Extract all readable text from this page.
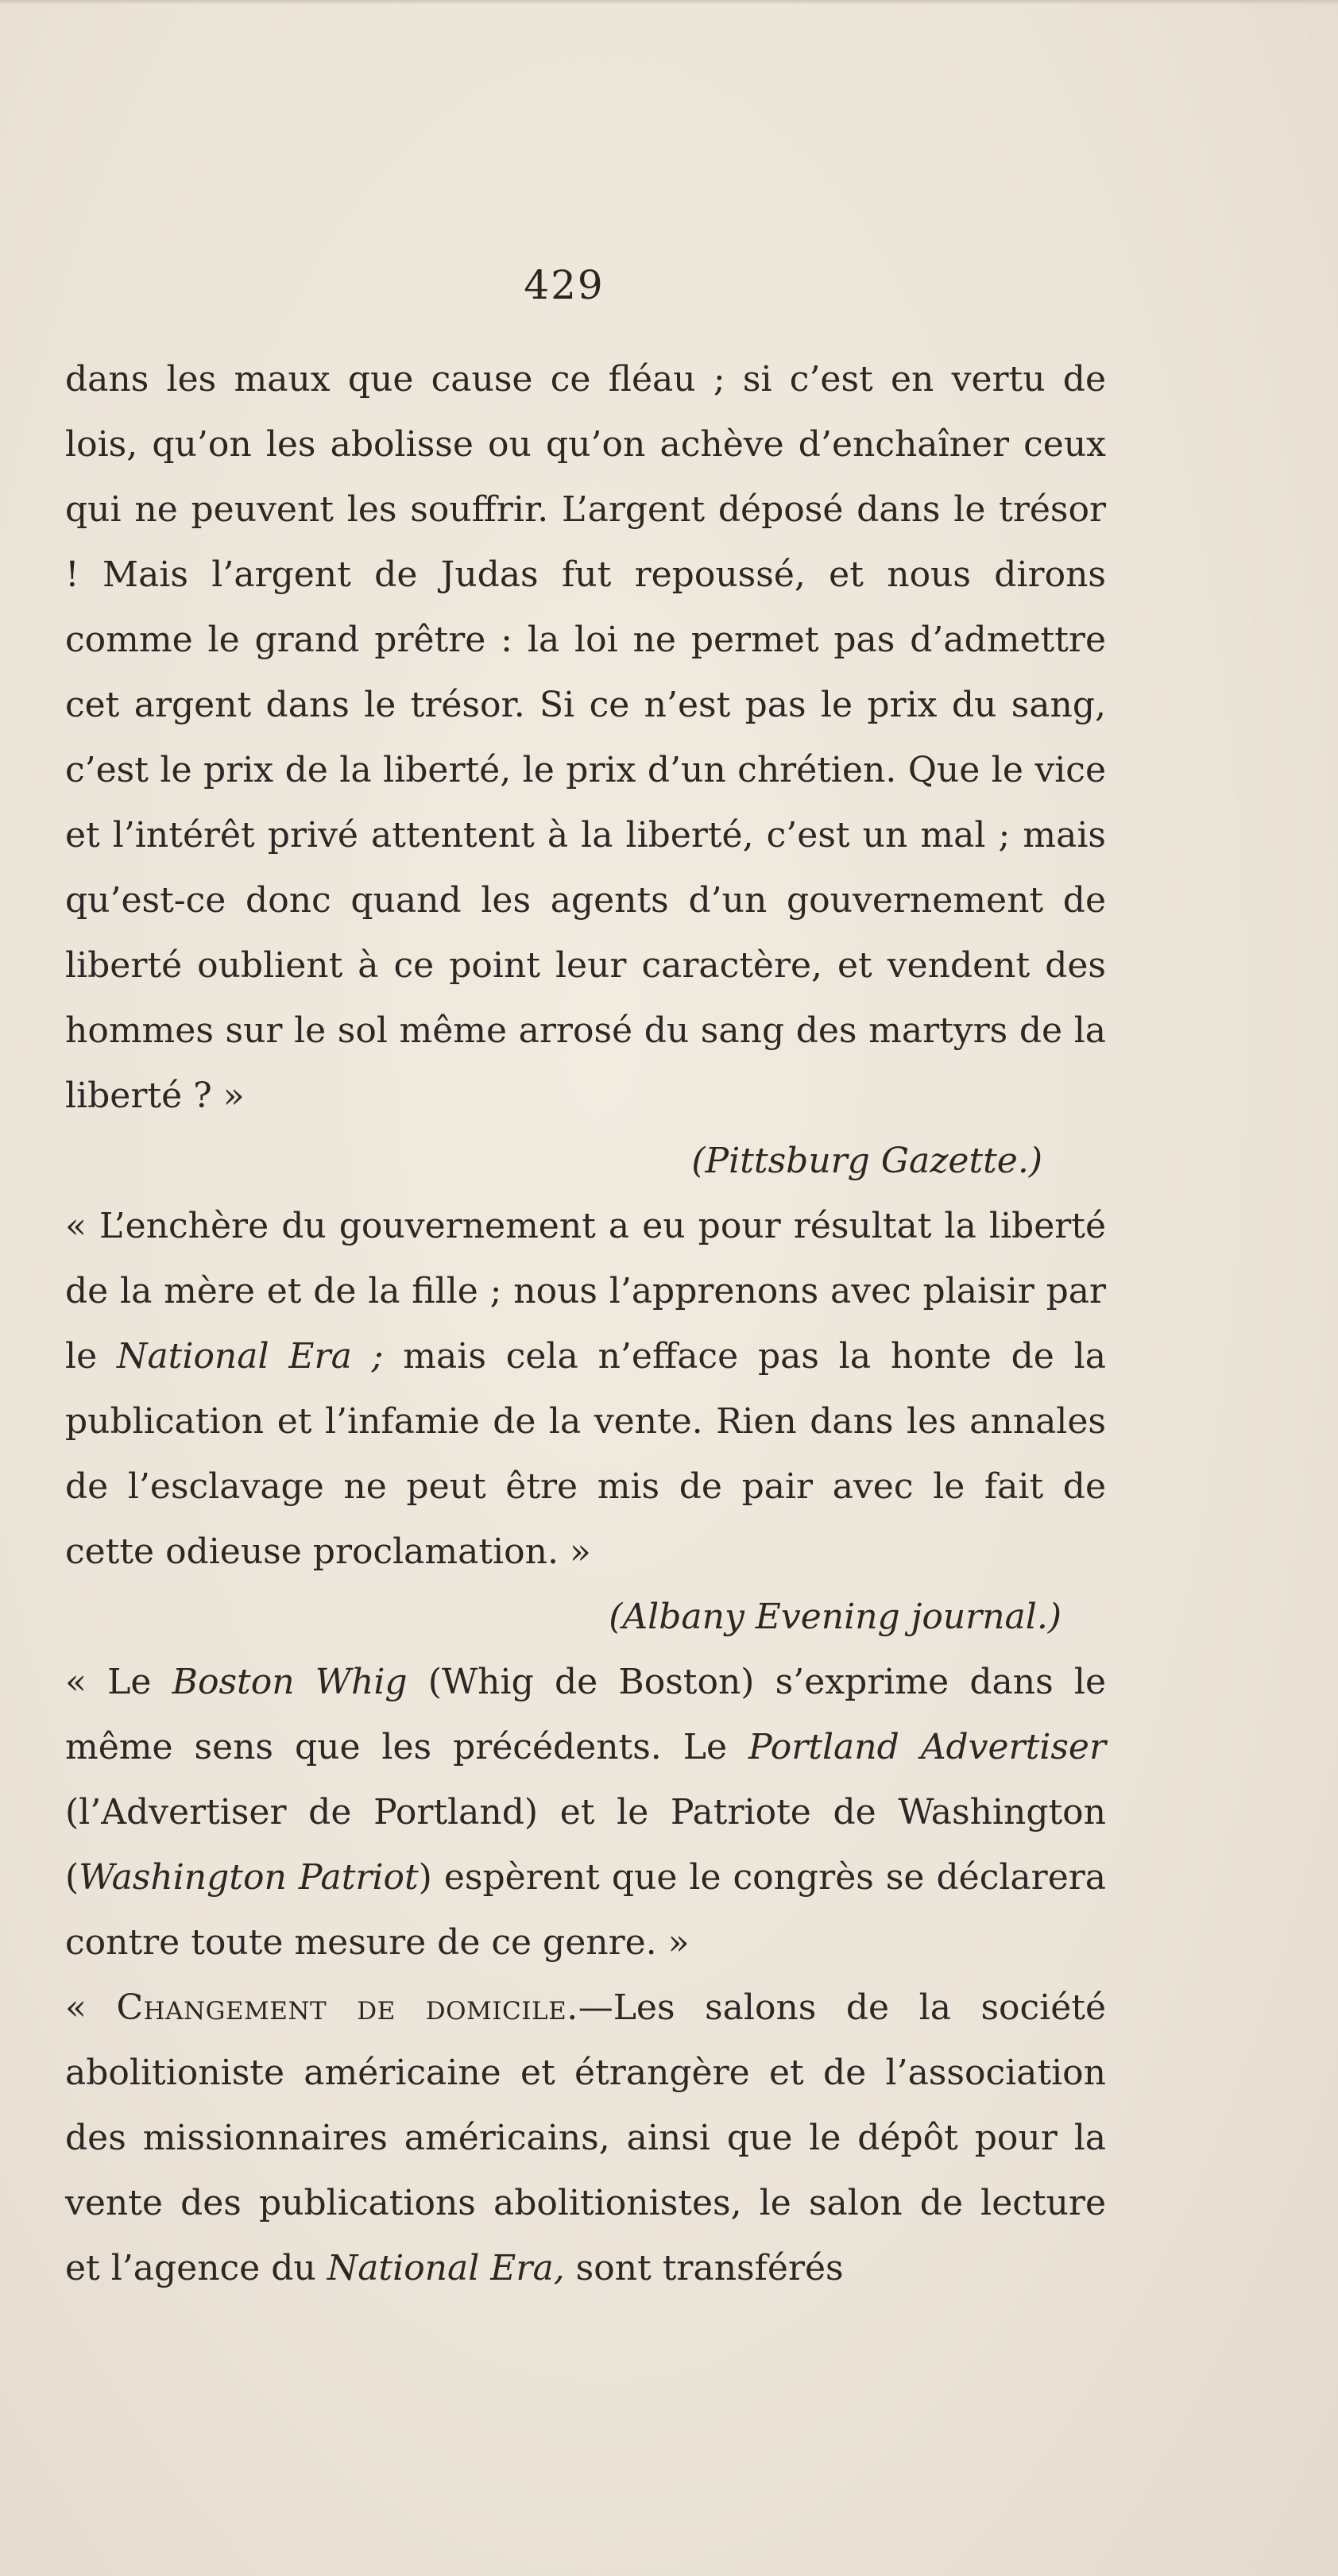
429

dans les maux que cause ce fléau ; si c’est en vertu de lois, qu’on les abolisse ou qu’on achève d’enchaîner ceux qui ne peuvent les souffrir. L’argent déposé dans le trésor ! Mais l’argent de Judas fut repoussé, et nous dirons comme le grand prêtre : la loi ne permet pas d’admettre cet argent dans le trésor. Si ce n’est pas le prix du sang, c’est le prix de la liberté, le prix d’un chrétien. Que le vice et l’intérêt privé attentent à la liberté, c’est un mal ; mais qu’est-ce donc quand les agents d’un gouvernement de liberté oublient à ce point leur caractère, et vendent des hommes sur le sol même arrosé du sang des martyrs de la liberté ? »

(Pittsburg Gazette.)

« L’enchère du gouvernement a eu pour résultat la liberté de la mère et de la fille ; nous l’apprenons avec plaisir par le National Era ; mais cela n’efface pas la honte de la publication et l’infamie de la vente. Rien dans les annales de l’esclavage ne peut être mis de pair avec le fait de cette odieuse proclamation. »

(Albany Evening journal.)

« Le Boston Whig (Whig de Boston) s’exprime dans le même sens que les précédents. Le Portland Advertiser (l’Advertiser de Portland) et le Patriote de Washington (Washington Patriot) espèrent que le congrès se déclarera contre toute mesure de ce genre. »

« Changement de domicile.—Les salons de la société abolitioniste américaine et étrangère et de l’association des missionnaires américains, ainsi que le dépôt pour la vente des publications abolitionistes, le salon de lecture et l’agence du National Era, sont transférés
